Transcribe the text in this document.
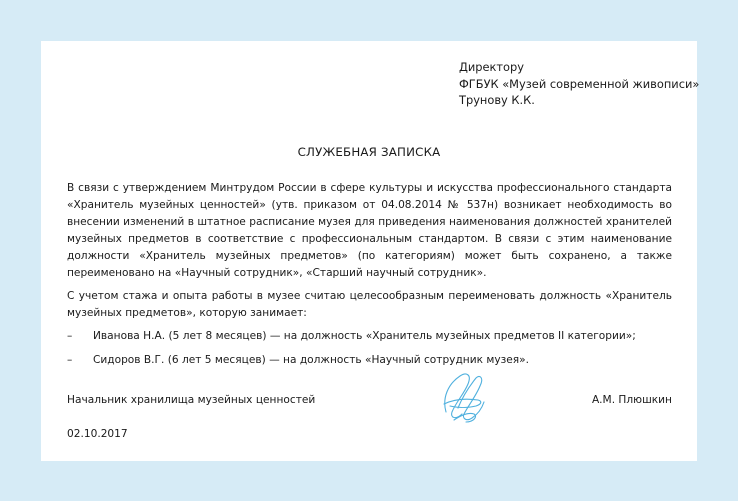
Директору
ФГБУК «Музей современной живописи»
Трунову К.К.
СЛУЖЕБНАЯ ЗАПИСКА

В связи с утверждением Минтрудом России в сфере культуры и искусства профессионального стандарта «Хранитель музейных ценностей» (утв. приказом от 04.08.2014 № 537н) возникает необходимость во внесении изменений в штатное расписание музея для приведения наименования должностей хранителей музейных предметов в соответствие с профессиональным стандартом. В связи с этим наименование должности «Хранитель музейных предметов» (по категориям) может быть сохранено, а также переименовано на «Научный сотрудник», «Старший научный сотрудник».

С учетом стажа и опыта работы в музее считаю целесообразным переименовать должность «Хранитель музейных предметов», которую занимает:

– Иванова Н.А. (5 лет 8 месяцев) — на должность «Хранитель музейных предметов II категории»;
– Сидоров В.Г. (6 лет 5 месяцев) — на должность «Научный сотрудник музея».
Начальник хранилища музейных ценностей	А.М. Плюшкин
02.10.2017
